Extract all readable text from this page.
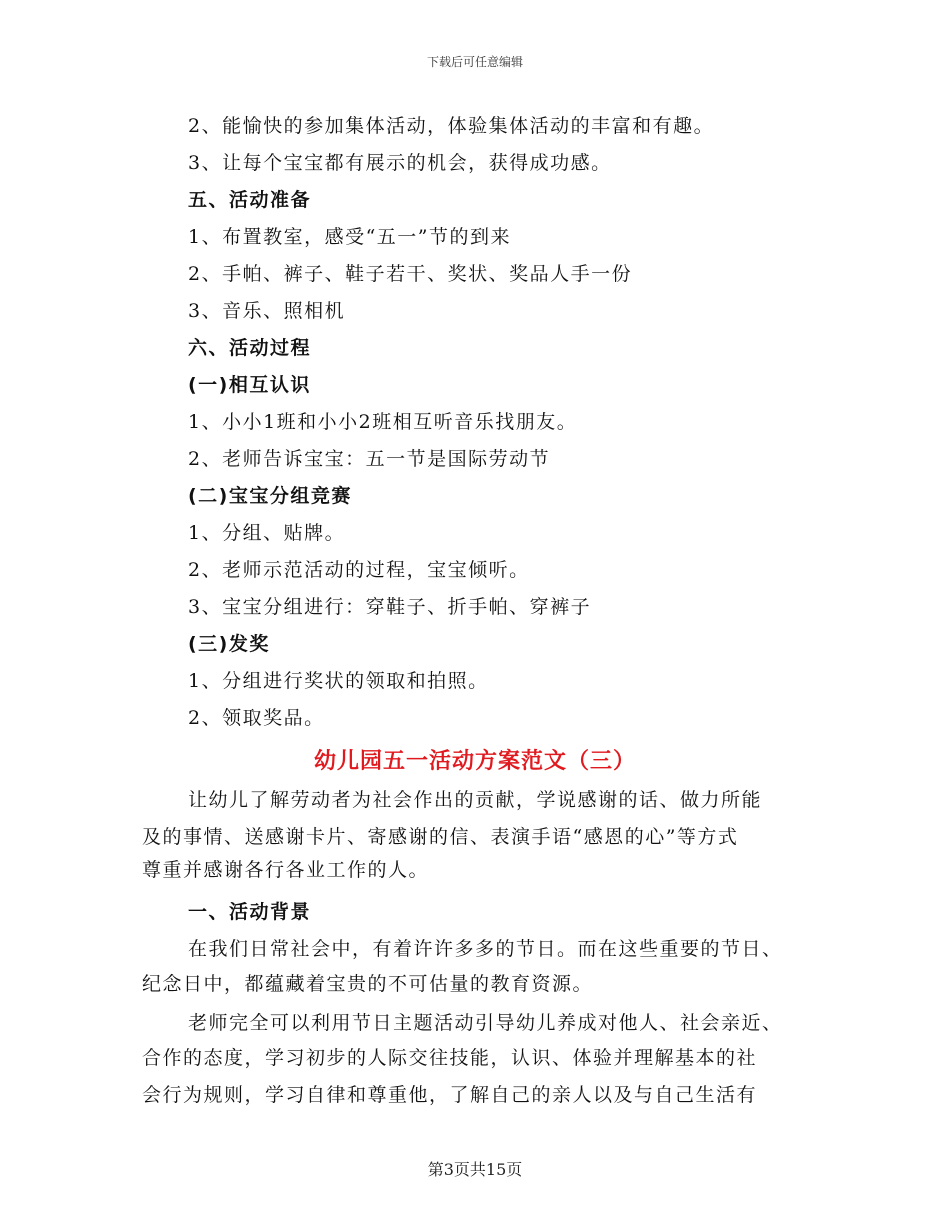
下载后可任意编辑
2、能愉快的参加集体活动，体验集体活动的丰富和有趣。
3、让每个宝宝都有展示的机会，获得成功感。
五、活动准备
1、布置教室，感受“五一”节的到来
2、手帕、裤子、鞋子若干、奖状、奖品人手一份
3、音乐、照相机
六、活动过程
(一)相互认识
1、小小1班和小小2班相互听音乐找朋友。
2、老师告诉宝宝：五一节是国际劳动节
(二)宝宝分组竞赛
1、分组、贴牌。
2、老师示范活动的过程，宝宝倾听。
3、宝宝分组进行：穿鞋子、折手帕、穿裤子
(三)发奖
1、分组进行奖状的领取和拍照。
2、领取奖品。
幼儿园五一活动方案范文（三）
让幼儿了解劳动者为社会作出的贡献，学说感谢的话、做力所能
及的事情、送感谢卡片、寄感谢的信、表演手语“感恩的心”等方式
尊重并感谢各行各业工作的人。
一、活动背景
在我们日常社会中，有着许许多多的节日。而在这些重要的节日、
纪念日中，都蕴藏着宝贵的不可估量的教育资源。
老师完全可以利用节日主题活动引导幼儿养成对他人、社会亲近、
合作的态度，学习初步的人际交往技能，认识、体验并理解基本的社
会行为规则，学习自律和尊重他，了解自己的亲人以及与自己生活有
第3页共15页
